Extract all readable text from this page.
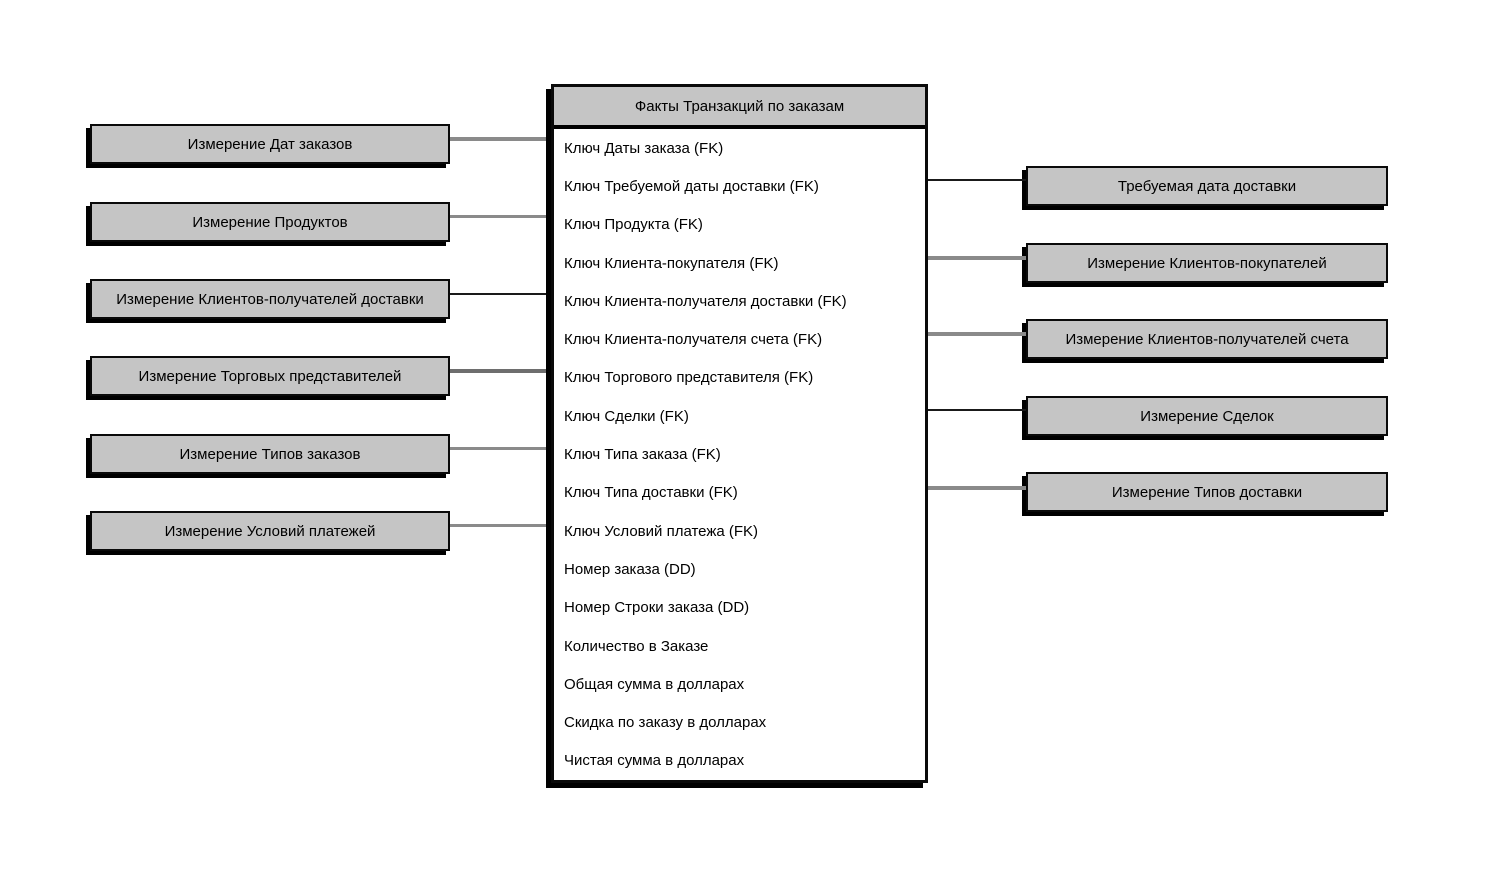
Измерение Дат заказов
Измерение Продуктов
Измерение Клиентов-получателей доставки
Измерение Торговых представителей
Измерение Типов заказов
Измерение Условий платежей
Требуемая дата доставки
Измерение Клиентов-покупателей
Измерение Клиентов-получателей счета
Измерение Сделок
Измерение Типов доставки
Факты Транзакций по заказам
Ключ Даты заказа (FK)
Ключ Требуемой даты доставки (FK)
Ключ Продукта (FK)
Ключ Клиента-покупателя (FK)
Ключ Клиента-получателя доставки (FK)
Ключ Клиента-получателя счета (FK)
Ключ Торгового представителя (FK)
Ключ Сделки (FK)
Ключ Типа заказа (FK)
Ключ Типа доставки (FK)
Ключ Условий платежа (FK)
Номер заказа (DD)
Номер Строки заказа (DD)
Количество в Заказе
Общая сумма в долларах
Скидка по заказу в долларах
Чистая сумма в долларах
